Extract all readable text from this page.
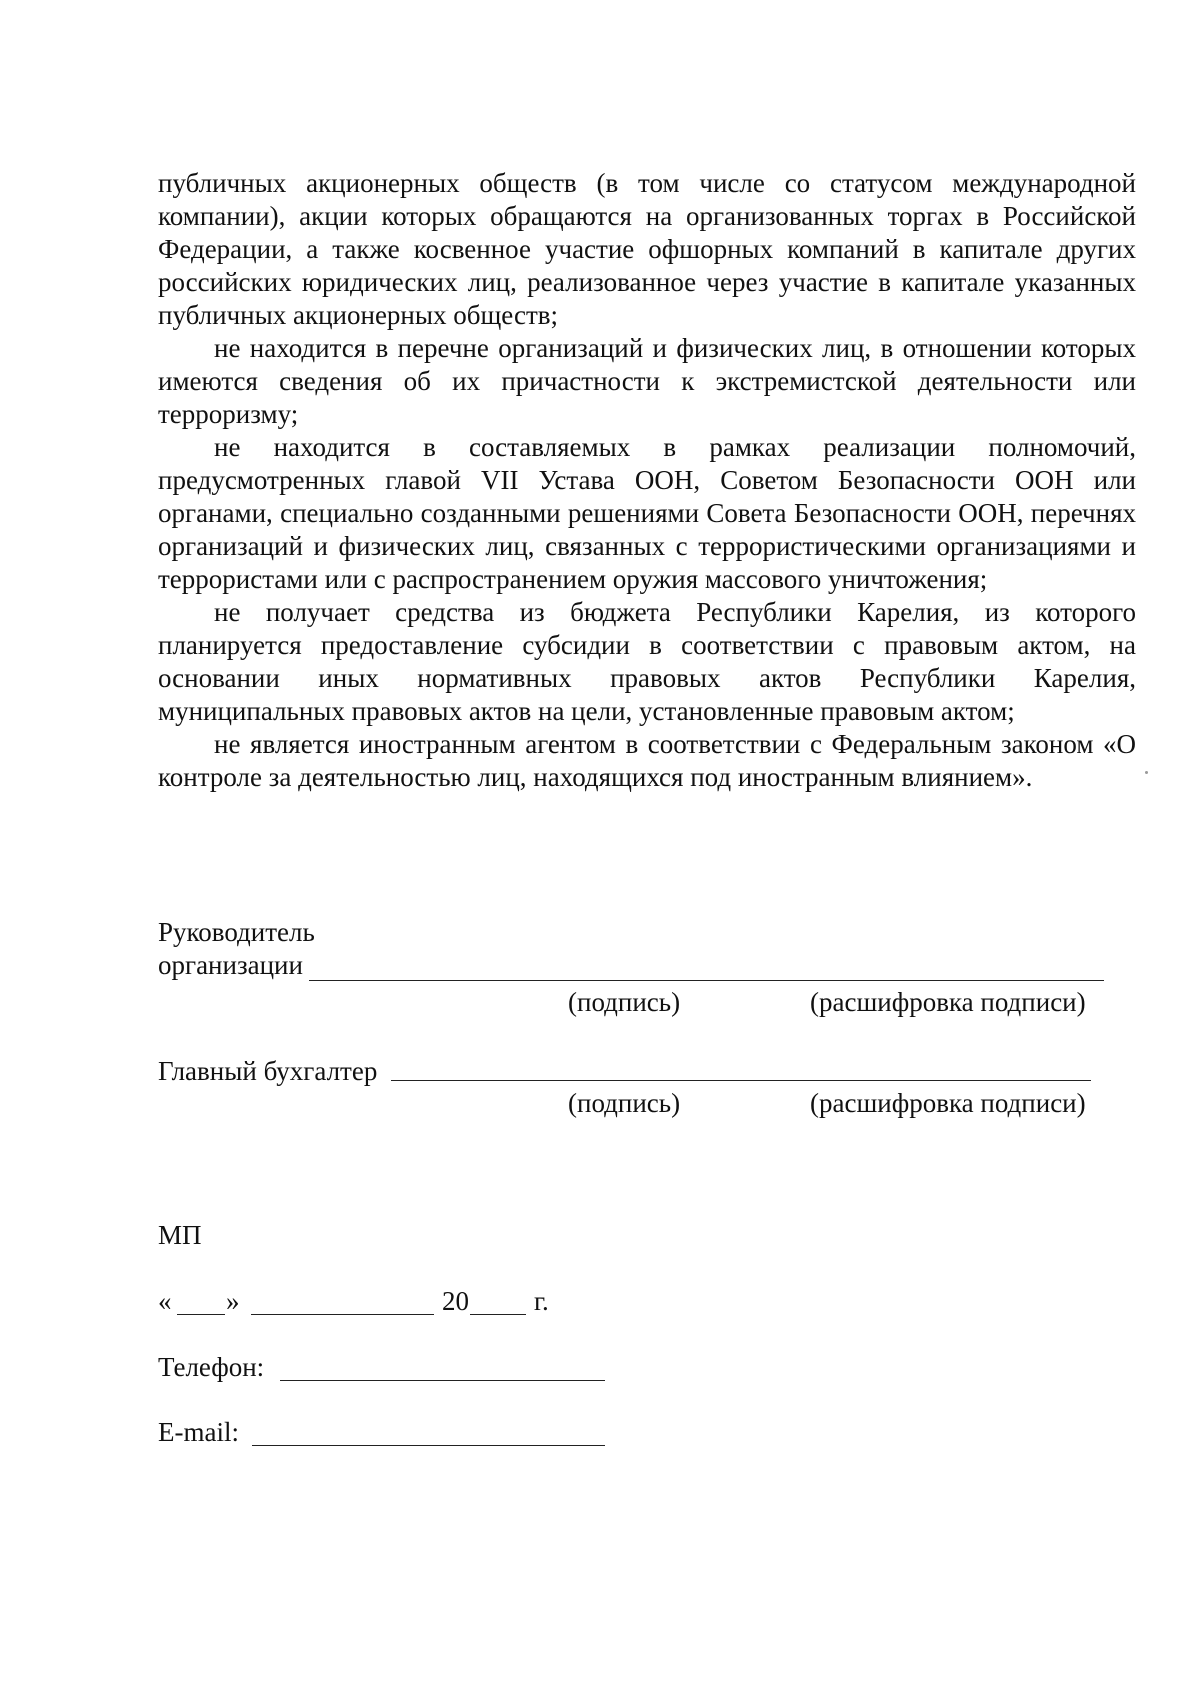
публичных акционерных обществ (в том числе со статусом международной компании), акции которых обращаются на организованных торгах в Российской Федерации, а также косвенное участие офшорных компаний в капитале других российских юридических лиц, реализованное через участие в капитале указанных публичных акционерных обществ;

не находится в перечне организаций и физических лиц, в отношении которых имеются сведения об их причастности к экстремистской деятельности или терроризму;

не находится в составляемых в рамках реализации полномочий, предусмотренных главой VII Устава ООН, Советом Безопасности ООН или органами, специально созданными решениями Совета Безопасности ООН, перечнях организаций и физических лиц, связанных с террористическими организациями и террористами или с распространением оружия массового уничтожения;

не получает средства из бюджета Республики Карелия, из которого планируется предоставление субсидии в соответствии с правовым актом, на основании иных нормативных правовых актов Республики Карелия, муниципальных правовых актов на цели, установленные правовым актом;

не является иностранным агентом в соответствии с Федеральным законом «О контроле за деятельностью лиц, находящихся под иностранным влиянием».

Руководитель
организации
(подпись)	(расшифровка подписи)
Главный бухгалтер
(подпись)	(расшифровка подписи)
МП
« »	20 г.
Телефон:
E-mail:
